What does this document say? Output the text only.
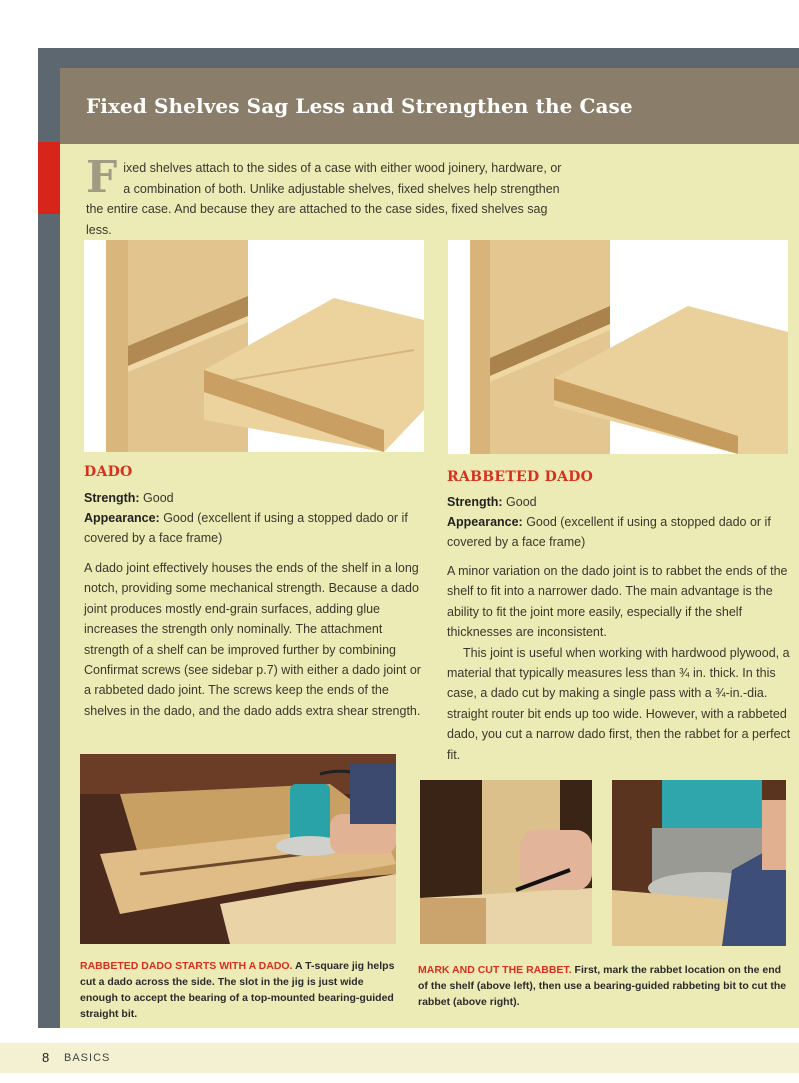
Fixed Shelves Sag Less and Strengthen the Case
Fixed shelves attach to the sides of a case with either wood joinery, hardware, or a combination of both. Unlike adjustable shelves, fixed shelves help strengthen the entire case. And because they are attached to the case sides, fixed shelves sag less.
DADO
Strength: Good
Appearance: Good (excellent if using a stopped dado or if covered by a face frame)

A dado joint effectively houses the ends of the shelf in a long notch, providing some mechanical strength. Because a dado joint produces mostly end-grain surfaces, adding glue increases the strength only nominally. The attachment strength of a shelf can be improved further by combining Confirmat screws (see sidebar p.7) with either a dado joint or a rabbeted dado joint. The screws keep the ends of the shelves in the dado, and the dado adds extra shear strength.

RABBETED DADO
Strength: Good
Appearance: Good (excellent if using a stopped dado or if covered by a face frame)

A minor variation on the dado joint is to rabbet the ends of the shelf to fit into a narrower dado. The main advantage is the ability to fit the joint more easily, especially if the shelf thicknesses are inconsistent.

This joint is useful when working with hardwood plywood, a material that typically measures less than ¾ in. thick. In this case, a dado cut by making a single pass with a ¾-in.-dia. straight router bit ends up too wide. However, with a rabbeted dado, you cut a narrow dado first, then the rabbet for a perfect fit.

RABBETED DADO STARTS WITH A DADO. A T-square jig helps cut a dado across the side. The slot in the jig is just wide enough to accept the bearing of a top-mounted bearing-guided straight bit.
MARK AND CUT THE RABBET. First, mark the rabbet location on the end of the shelf (above left), then use a bearing-guided rabbeting bit to cut the rabbet (above right).
8 BASICS
